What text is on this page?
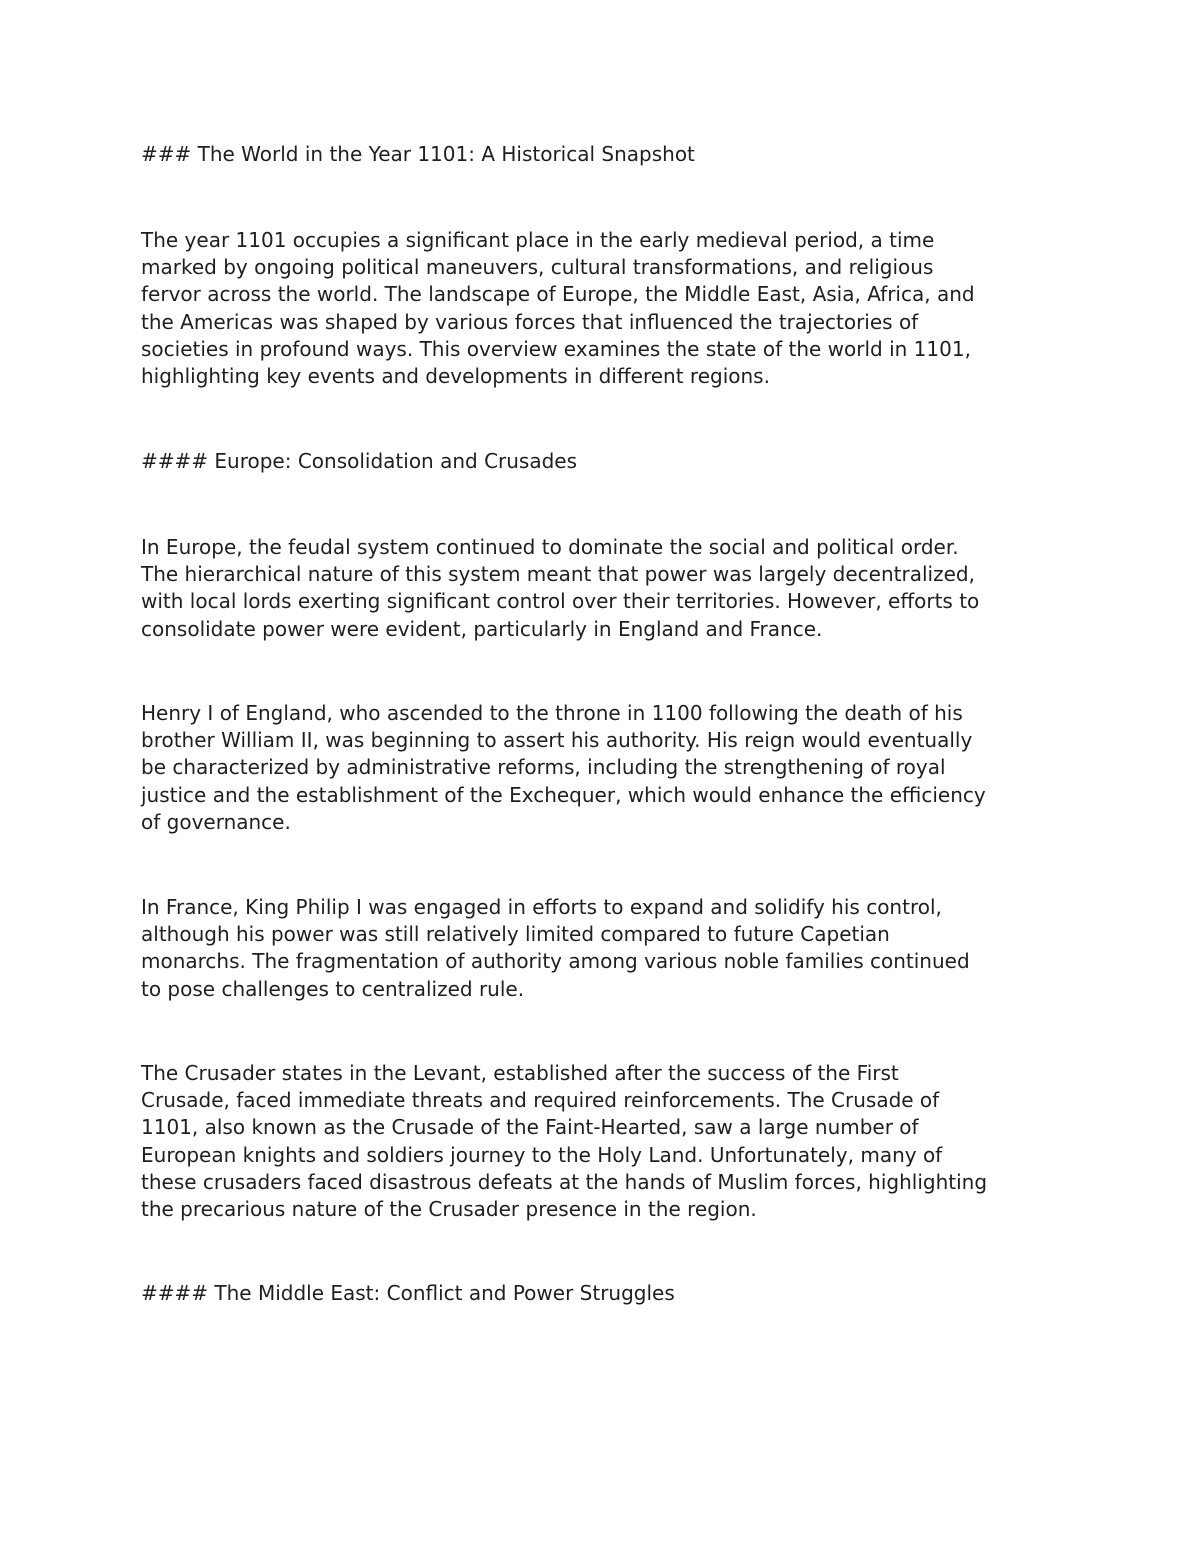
### The World in the Year 1101: A Historical Snapshot

The year 1101 occupies a significant place in the early medieval period, a time
marked by ongoing political maneuvers, cultural transformations, and religious
fervor across the world. The landscape of Europe, the Middle East, Asia, Africa, and
the Americas was shaped by various forces that influenced the trajectories of
societies in profound ways. This overview examines the state of the world in 1101,
highlighting key events and developments in different regions.

#### Europe: Consolidation and Crusades

In Europe, the feudal system continued to dominate the social and political order.
The hierarchical nature of this system meant that power was largely decentralized,
with local lords exerting significant control over their territories. However, efforts to
consolidate power were evident, particularly in England and France.

Henry I of England, who ascended to the throne in 1100 following the death of his
brother William II, was beginning to assert his authority. His reign would eventually
be characterized by administrative reforms, including the strengthening of royal
justice and the establishment of the Exchequer, which would enhance the efficiency
of governance.

In France, King Philip I was engaged in efforts to expand and solidify his control,
although his power was still relatively limited compared to future Capetian
monarchs. The fragmentation of authority among various noble families continued
to pose challenges to centralized rule.

The Crusader states in the Levant, established after the success of the First
Crusade, faced immediate threats and required reinforcements. The Crusade of
1101, also known as the Crusade of the Faint-Hearted, saw a large number of
European knights and soldiers journey to the Holy Land. Unfortunately, many of
these crusaders faced disastrous defeats at the hands of Muslim forces, highlighting
the precarious nature of the Crusader presence in the region.

#### The Middle East: Conflict and Power Struggles
